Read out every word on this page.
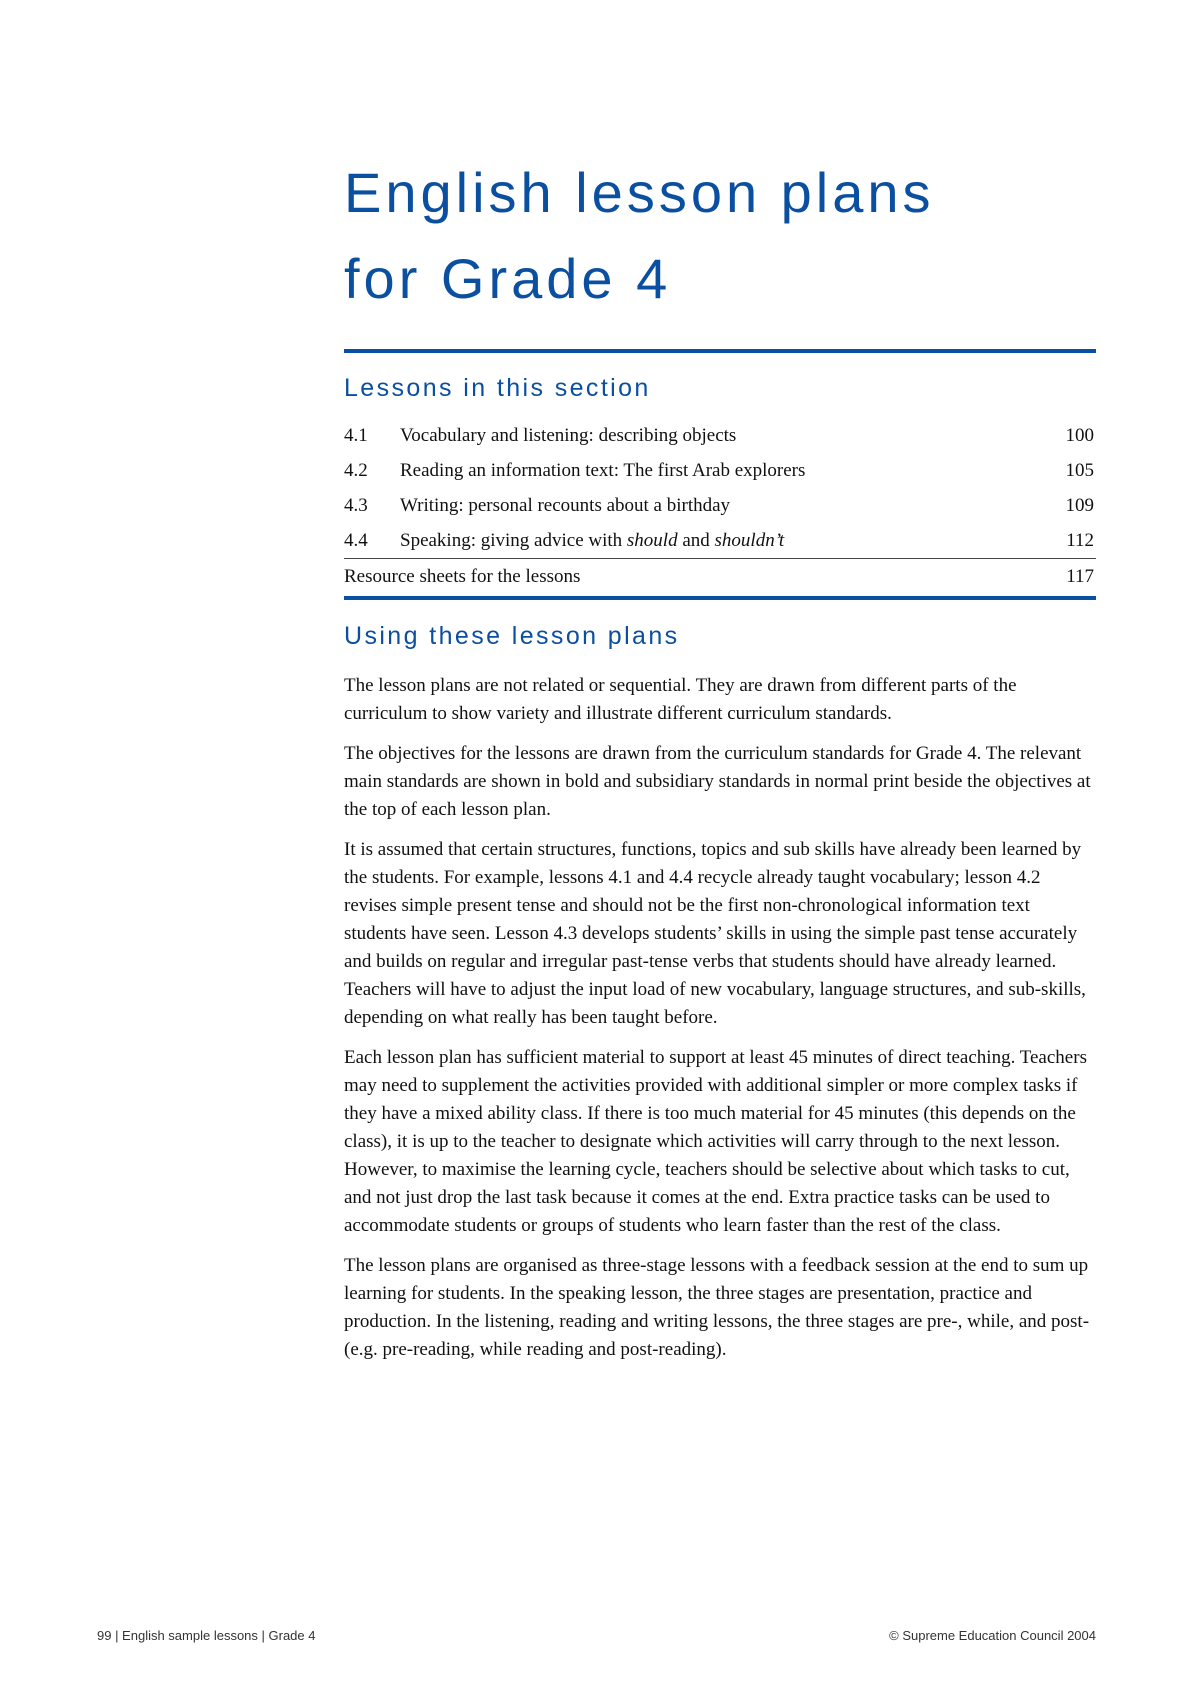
English lesson plans
for Grade 4
Lessons in this section
4.1 Vocabulary and listening: describing objects	100
4.2 Reading an information text: The first Arab explorers	105
4.3 Writing: personal recounts about a birthday	109
4.4 Speaking: giving advice with should and shouldn’t	112
Resource sheets for the lessons	117
Using these lesson plans

The lesson plans are not related or sequential. They are drawn from different parts of the curriculum to show variety and illustrate different curriculum standards.

The objectives for the lessons are drawn from the curriculum standards for Grade 4. The relevant main standards are shown in bold and subsidiary standards in normal print beside the objectives at the top of each lesson plan.

It is assumed that certain structures, functions, topics and sub skills have already been learned by the students. For example, lessons 4.1 and 4.4 recycle already taught vocabulary; lesson 4.2 revises simple present tense and should not be the first non-chronological information text students have seen. Lesson 4.3 develops students’ skills in using the simple past tense accurately and builds on regular and irregular past-tense verbs that students should have already learned. Teachers will have to adjust the input load of new vocabulary, language structures, and sub-skills, depending on what really has been taught before.

Each lesson plan has sufficient material to support at least 45 minutes of direct teaching. Teachers may need to supplement the activities provided with additional simpler or more complex tasks if they have a mixed ability class. If there is too much material for 45 minutes (this depends on the class), it is up to the teacher to designate which activities will carry through to the next lesson. However, to maximise the learning cycle, teachers should be selective about which tasks to cut, and not just drop the last task because it comes at the end. Extra practice tasks can be used to accommodate students or groups of students who learn faster than the rest of the class.

The lesson plans are organised as three-stage lessons with a feedback session at the end to sum up learning for students. In the speaking lesson, the three stages are presentation, practice and production. In the listening, reading and writing lessons, the three stages are pre-, while, and post- (e.g. pre-reading, while reading and post-reading).

99 | English sample lessons | Grade 4	© Supreme Education Council 2004
